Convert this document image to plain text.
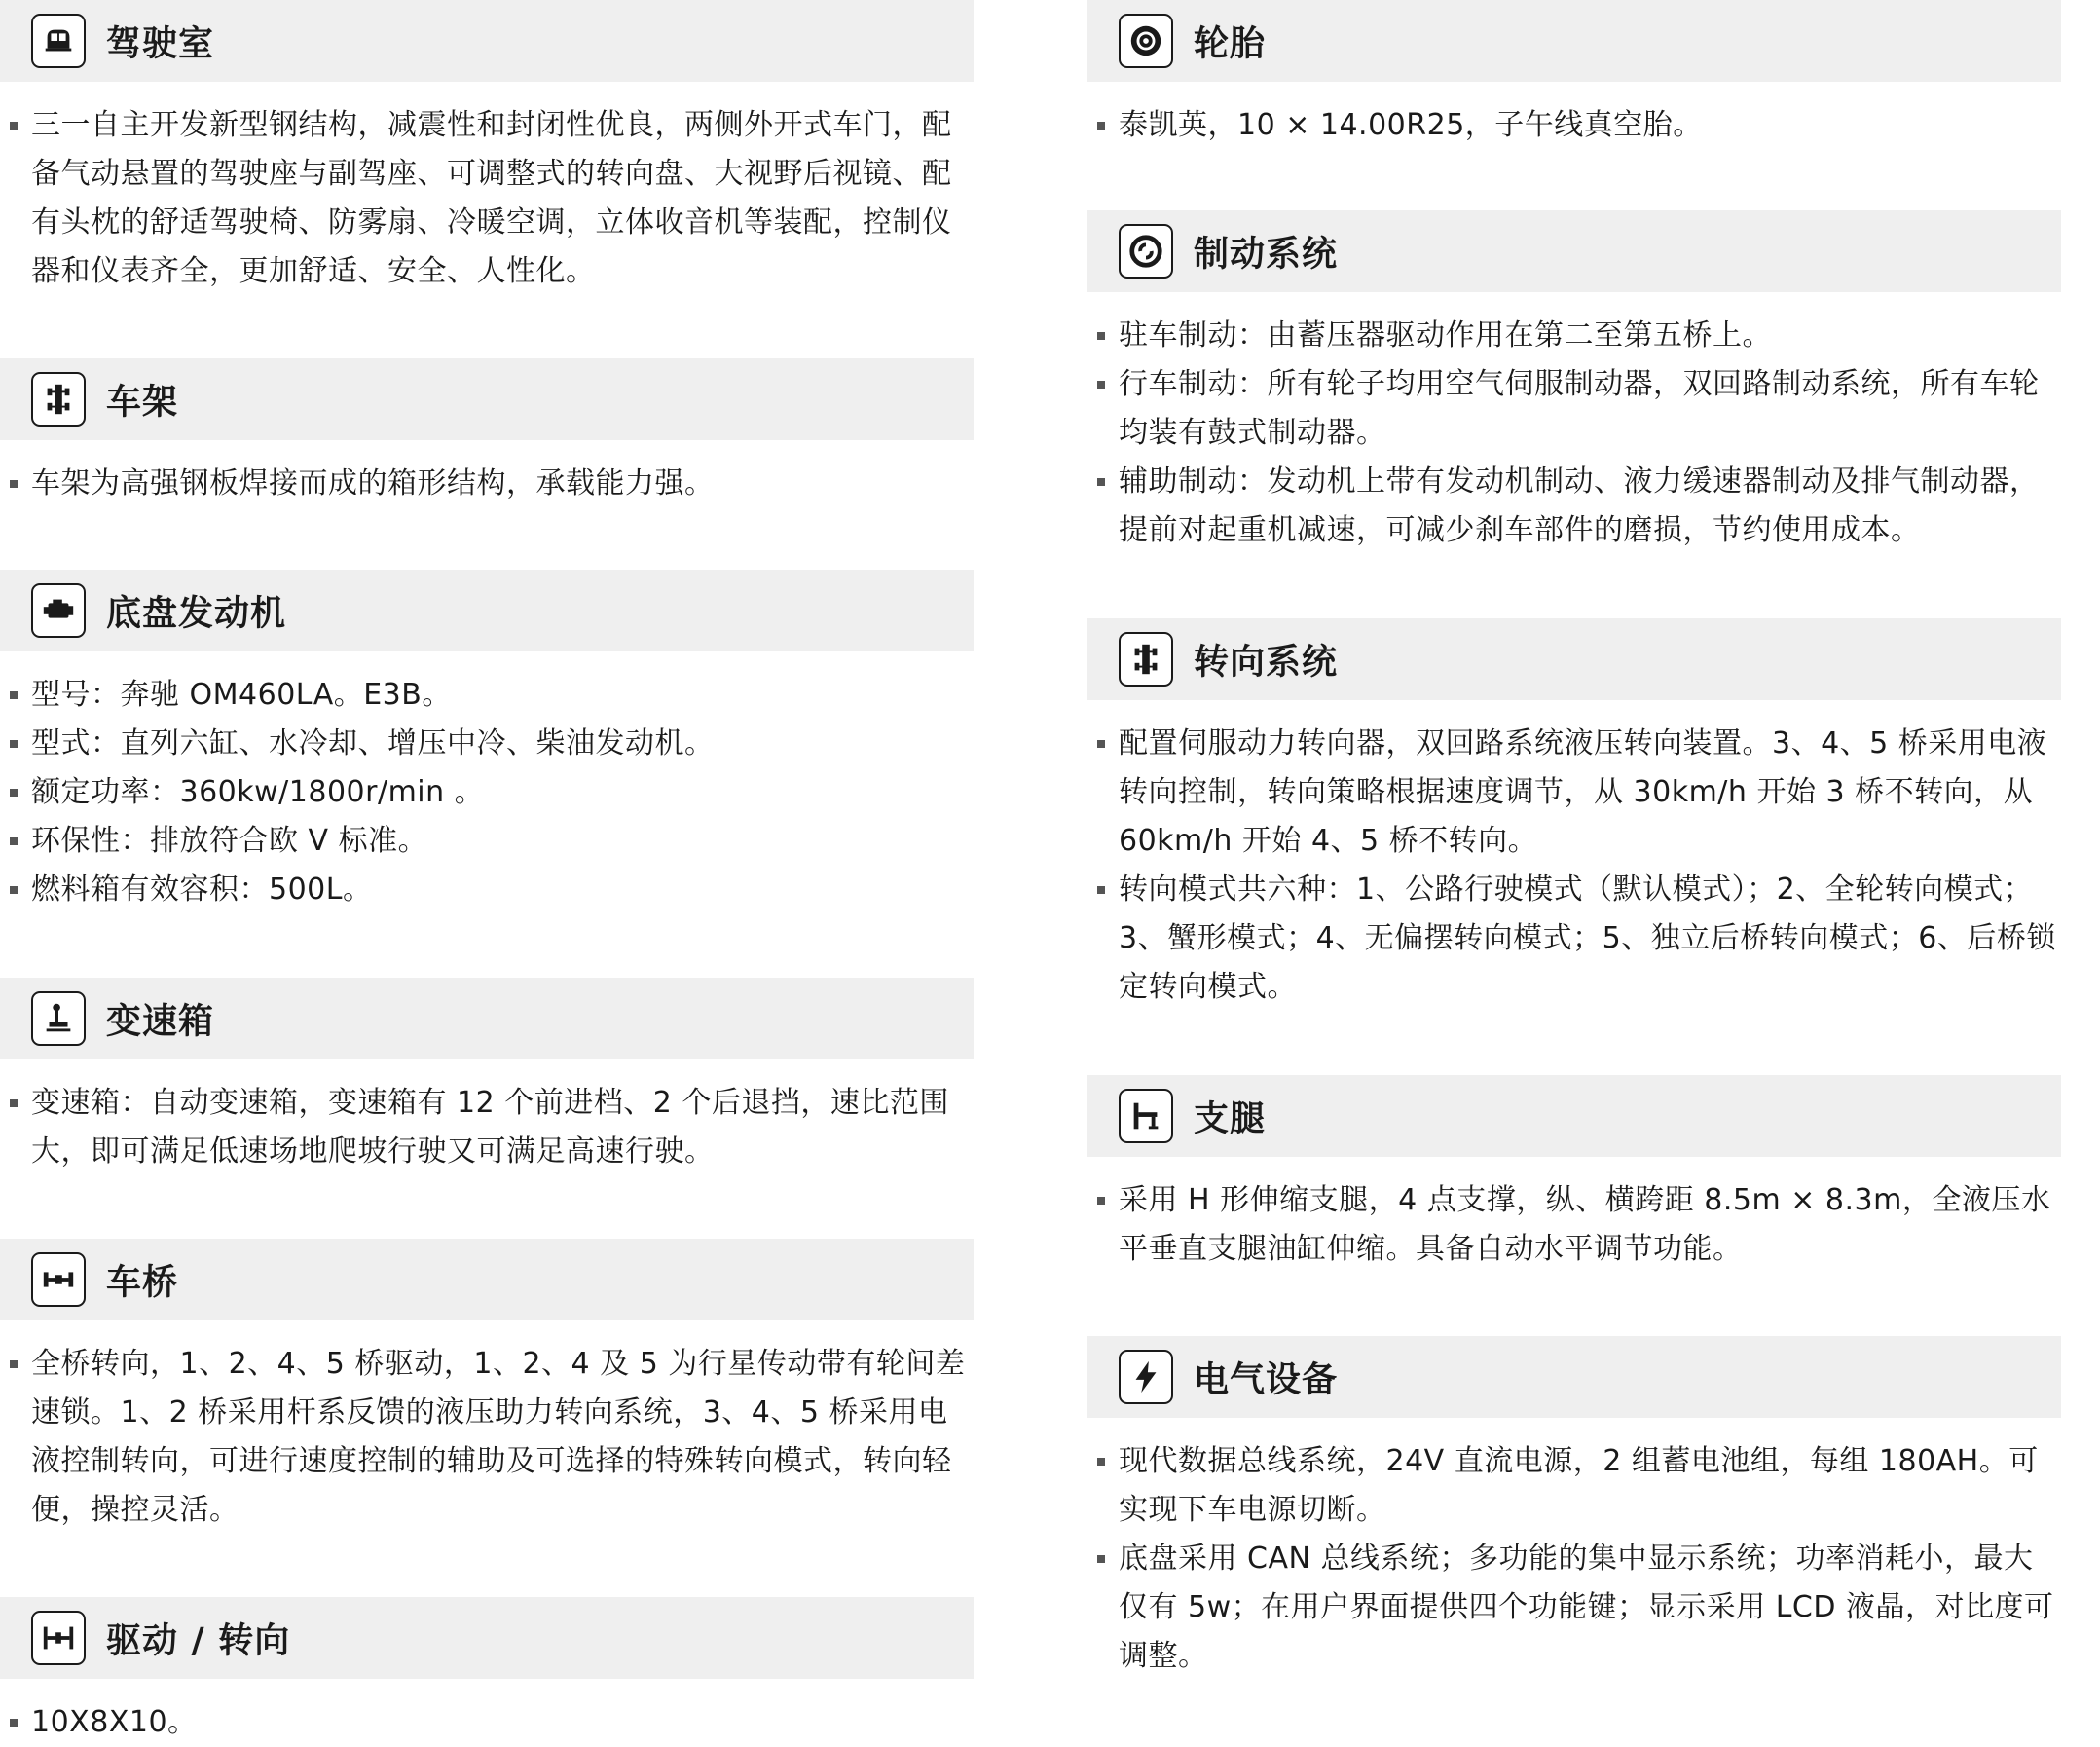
驾驶室
三一自主开发新型钢结构，减震性和封闭性优良，两侧外开式车门，配备气动悬置的驾驶座与副驾座、可调整式的转向盘、大视野后视镜、配有头枕的舒适驾驶椅、防雾扇、冷暖空调，立体收音机等装配，控制仪器和仪表齐全，更加舒适、安全、人性化。
车架
车架为高强钢板焊接而成的箱形结构，承载能力强。
底盘发动机
型号：奔驰 OM460LA。E3B。
型式：直列六缸、水冷却、增压中冷、柴油发动机。
额定功率：360kw/1800r/min 。
环保性：排放符合欧 V 标准。
燃料箱有效容积：500L。
变速箱
变速箱：自动变速箱，变速箱有 12 个前进档、2 个后退挡，速比范围大，即可满足低速场地爬坡行驶又可满足高速行驶。
车桥
全桥转向，1、2、4、5 桥驱动，1、2、4 及 5 为行星传动带有轮间差速锁。1、2 桥采用杆系反馈的液压助力转向系统，3、4、5 桥采用电液控制转向，可进行速度控制的辅助及可选择的特殊转向模式，转向轻便，操控灵活。
驱动 / 转向
10X8X10。
轮胎
泰凯英，10 × 14.00R25，子午线真空胎。
制动系统
驻车制动：由蓄压器驱动作用在第二至第五桥上。
行车制动：所有轮子均用空气伺服制动器，双回路制动系统，所有车轮均装有鼓式制动器。
辅助制动：发动机上带有发动机制动、液力缓速器制动及排气制动器，提前对起重机减速，可减少刹车部件的磨损，节约使用成本。
转向系统
配置伺服动力转向器，双回路系统液压转向装置。3、4、5 桥采用电液转向控制，转向策略根据速度调节，从 30km/h 开始 3 桥不转向，从 60km/h 开始 4、5 桥不转向。
转向模式共六种：1、公路行驶模式（默认模式）；2、全轮转向模式；3、蟹形模式；4、无偏摆转向模式；5、独立后桥转向模式；6、后桥锁定转向模式。
支腿
采用 H 形伸缩支腿，4 点支撑，纵、横跨距 8.5m × 8.3m，全液压水平垂直支腿油缸伸缩。具备自动水平调节功能。
电气设备
现代数据总线系统，24V 直流电源，2 组蓄电池组，每组 180AH。可实现下车电源切断。
底盘采用 CAN 总线系统；多功能的集中显示系统；功率消耗小，最大仅有 5w；在用户界面提供四个功能键；显示采用 LCD 液晶，对比度可调整。
